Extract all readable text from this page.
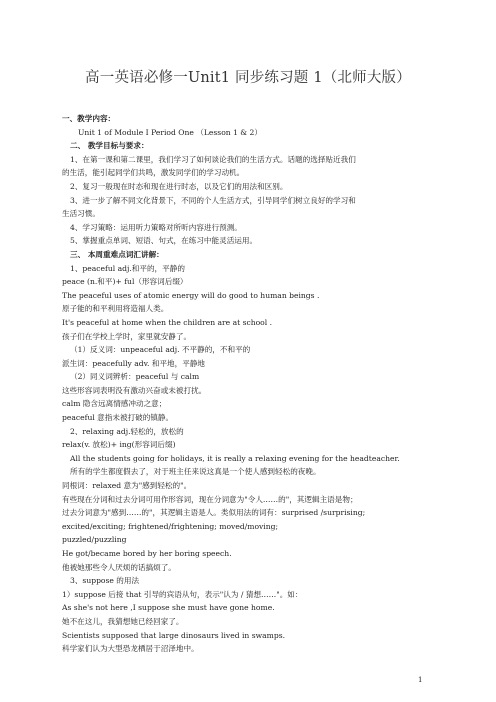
高一英语必修一Unit1 同步练习题 1（北师大版）
一、教学内容：
Unit 1 of Module I Period One （Lesson 1 & 2）
二、 教学目标与要求：
1、在第一课和第二课里，我们学习了如何谈论我们的生活方式。话题的选择贴近我们
的生活，能引起同学们共鸣，激发同学们的学习动机。
2、复习一般现在时态和现在进行时态，以及它们的用法和区别。
3、进一步了解不同文化背景下，不同的个人生活方式，引导同学们树立良好的学习和
生活习惯。
4、学习策略：运用听力策略对所听内容进行预测。
5、掌握重点单词、短语、句式，在练习中能灵活运用。
三、 本周重难点词汇讲解：
1、peaceful adj.和平的，平静的
peace (n.和平)+ ful（形容词后缀）
The peaceful uses of atomic energy will do good to human beings .
原子能的和平利用将造福人类。
It's peaceful at home when the children are at school .
孩子们在学校上学时，家里就安静了。
（1）反义词：unpeaceful adj. 不平静的，不和平的
派生词：peacefully adv. 和平地，平静地
（2）同义词辨析：peaceful 与 calm
这些形容词表明没有激动兴奋或未被打扰。
calm 隐含远离情感冲动之意；
peaceful 意指未被打破的镇静。
2、relaxing adj.轻松的，放松的
relax(v. 放松)+ ing(形容词后缀)
All the students going for holidays, it is really a relaxing evening for the headteacher.
所有的学生都度假去了，对于班主任来说这真是一个使人感到轻松的夜晚。
同根词：relaxed 意为"感到轻松的"。
有些现在分词和过去分词可用作形容词，现在分词意为"令人……的"，其逻辑主语是物；
过去分词意为"感到……的"，其逻辑主语是人。类似用法的词有：surprised /surprising;
excited/exciting; frightened/frightening; moved/moving;
puzzled/puzzling
He got/became bored by her boring speech.
他被她那些令人厌烦的话搞烦了。
3、suppose 的用法
1）suppose 后接 that 引导的宾语从句，表示"认为 / 猜想……"。如：
As she's not here ,I suppose she must have gone home.
她不在这儿，我猜想她已经回家了。
Scientists supposed that large dinosaurs lived in swamps.
科学家们认为大型恐龙栖居于沼泽地中。
1
